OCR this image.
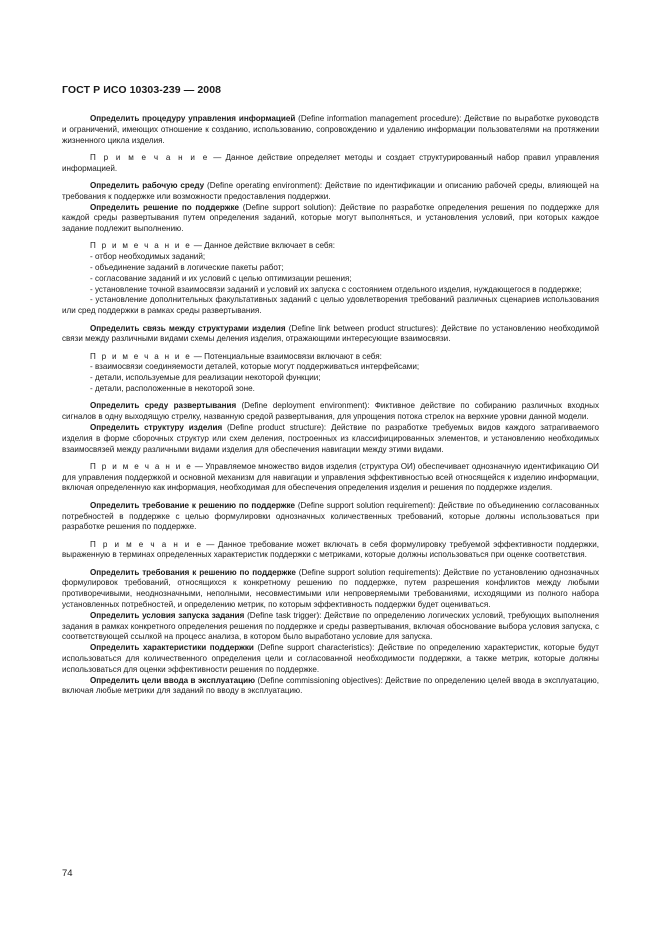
ГОСТ Р ИСО 10303-239 — 2008

Определить процедуру управления информацией (Define information management procedure): Действие по выработке руководств и ограничений, имеющих отношение к созданию, использованию, сопровождению и удалению информации пользователями на протяжении жизненного цикла изделия.

П р и м е ч а н и е — Данное действие определяет методы и создает структурированный набор правил управления информацией.

Определить рабочую среду (Define operating environment): Действие по идентификации и описанию рабочей среды, влияющей на требования к поддержке или возможности предоставления поддержки.

Определить решение по поддержке (Define support solution): Действие по разработке определения решения по поддержке для каждой среды развертывания путем определения заданий, которые могут выполняться, и установления условий, при которых каждое задание подлежит выполнению.

П р и м е ч а н и е — Данное действие включает в себя:

- отбор необходимых заданий;

- объединение заданий в логические пакеты работ;

- согласование заданий и их условий с целью оптимизации решения;

- установление точной взаимосвязи заданий и условий их запуска с состоянием отдельного изделия, нуждающегося в поддержке;

- установление дополнительных факультативных заданий с целью удовлетворения требований различных сценариев использования или сред поддержки в рамках среды развертывания.

Определить связь между структурами изделия (Define link between product structures): Действие по установлению необходимой связи между различными видами схемы деления изделия, отражающими интересующие взаимосвязи.

П р и м е ч а н и е — Потенциальные взаимосвязи включают в себя:

- взаимосвязи соединяемости деталей, которые могут поддерживаться интерфейсами;

- детали, используемые для реализации некоторой функции;

- детали, расположенные в некоторой зоне.

Определить среду развертывания (Define deployment environment): Фиктивное действие по собиранию различных входных сигналов в одну выходящую стрелку, названную средой развертывания, для упрощения потока стрелок на верхние уровни данной модели.

Определить структуру изделия (Define product structure): Действие по разработке требуемых видов каждого затрагиваемого изделия в форме сборочных структур или схем деления, построенных из классифицированных элементов, и установлению необходимых взаимосвязей между различными видами изделия для обеспечения навигации между этими видами.

П р и м е ч а н и е — Управляемое множество видов изделия (структура ОИ) обеспечивает однозначную идентификацию ОИ для управления поддержкой и основной механизм для навигации и управления эффективностью всей относящейся к изделию информации, включая определенную как информация, необходимая для обеспечения определения изделия и решения по поддержке изделия.

Определить требование к решению по поддержке (Define support solution requirement): Действие по объединению согласованных потребностей в поддержке с целью формулировки однозначных количественных требований, которые должны использоваться при разработке решения по поддержке.

П р и м е ч а н и е — Данное требование может включать в себя формулировку требуемой эффективности поддержки, выраженную в терминах определенных характеристик поддержки с метриками, которые должны использоваться при оценке соответствия.

Определить требования к решению по поддержке (Define support solution requirements): Действие по установлению однозначных формулировок требований, относящихся к конкретному решению по поддержке, путем разрешения конфликтов между любыми противоречивыми, неоднозначными, неполными, несовместимыми или непроверяемыми требованиями, исходящими из полного набора установленных потребностей, и определению метрик, по которым эффективность поддержки будет оцениваться.

Определить условия запуска задания (Define task trigger): Действие по определению логических условий, требующих выполнения задания в рамках конкретного определения решения по поддержке и среды развертывания, включая обоснование выбора условия запуска, с соответствующей ссылкой на процесс анализа, в котором было выработано условие для запуска.

Определить характеристики поддержки (Define support characteristics): Действие по определению характеристик, которые будут использоваться для количественного определения цели и согласованной необходимости поддержки, а также метрик, которые должны использоваться для оценки эффективности решения по поддержке.

Определить цели ввода в эксплуатацию (Define commissioning objectives): Действие по определению целей ввода в эксплуатацию, включая любые метрики для заданий по вводу в эксплуатацию.

74
